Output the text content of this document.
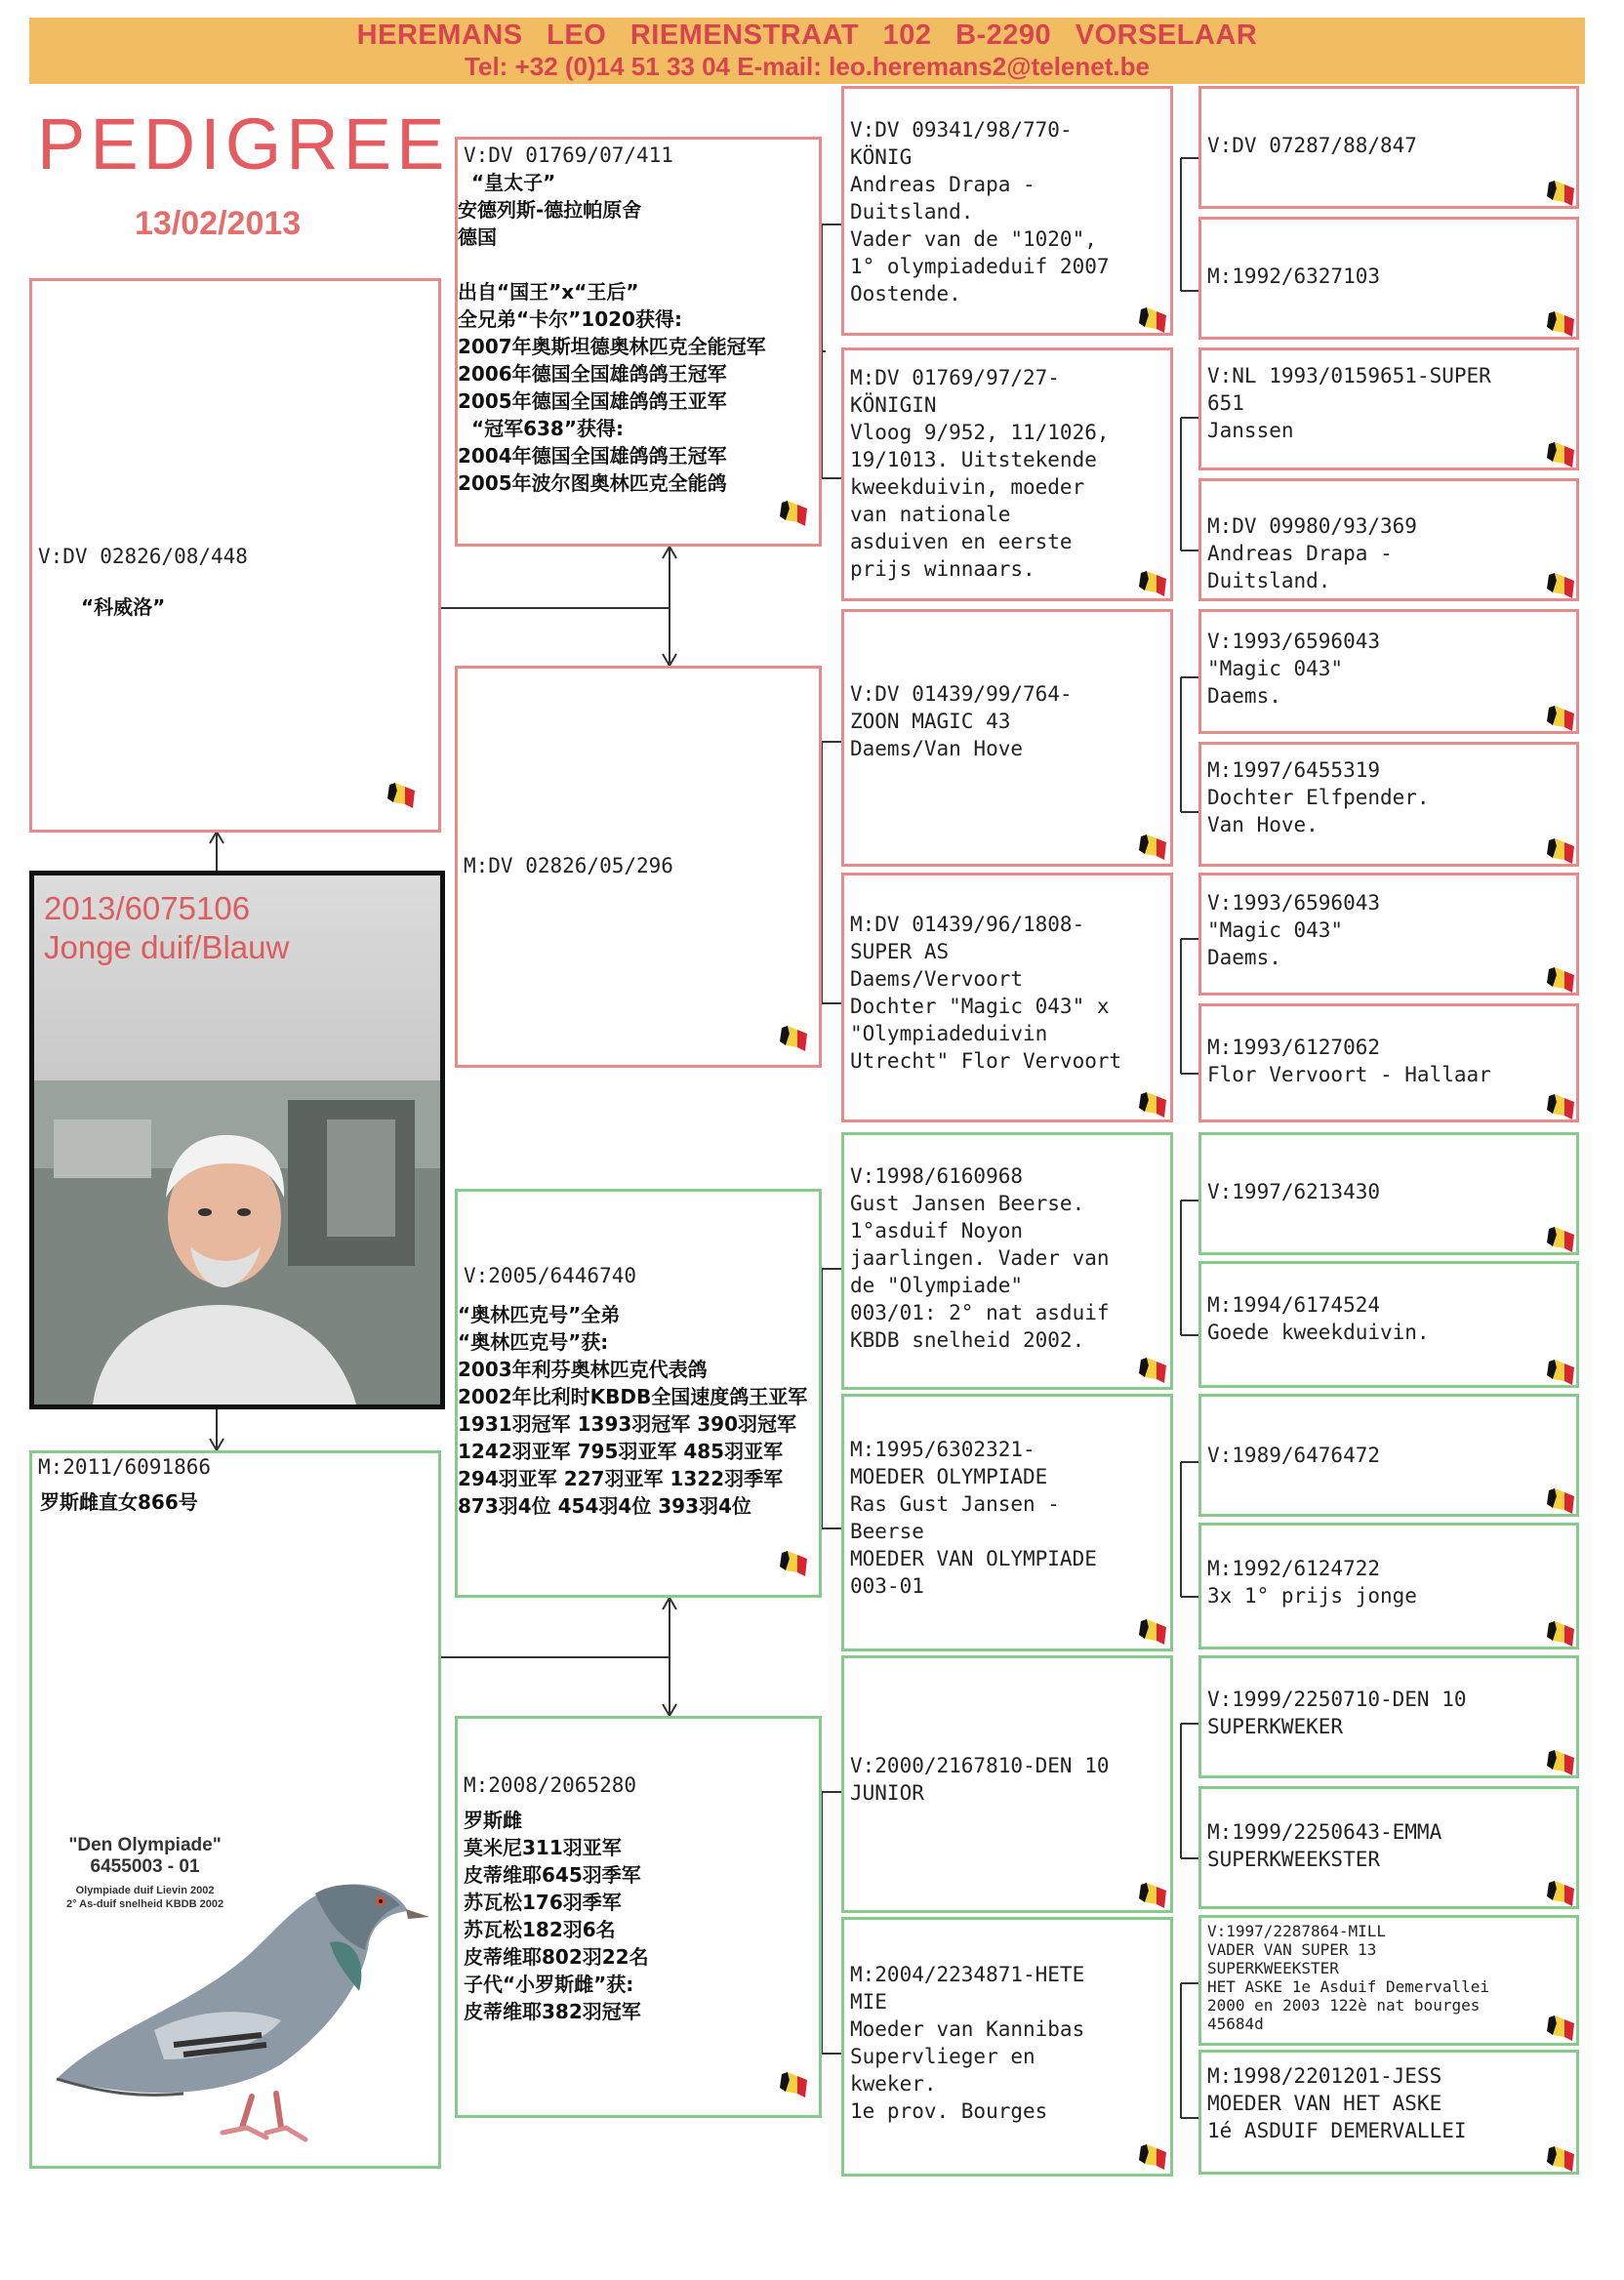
HEREMANS LEO RIEMENSTRAAT 102 B-2290 VORSELAAR
Tel: +32 (0)14 51 33 04 E-mail: leo.heremans2@telenet.be
PEDIGREE
13/02/2013
V:DV 02826/08/448
“科威洛”
M:2011/6091866
罗斯雌直女866号
"Den Olympiade"
6455003 - 01
Olympiade duif Lievin 2002
2° As-duif snelheid KBDB 2002
2013/6075106
Jonge duif/Blauw
V:DV 01769/07/411
“皇太子”
安德列斯-德拉帕原舍
德国

出自“国王”x“王后”
全兄弟“卡尔”1020获得:
2007年奥斯坦德奥林匹克全能冠军
2006年德国全国雄鸽鸽王冠军
2005年德国全国雄鸽鸽王亚军
“冠军638”获得:
2004年德国全国雄鸽鸽王冠军
2005年波尔图奥林匹克全能鸽
M:DV 02826/05/296
V:2005/6446740
“奥林匹克号”全弟
“奥林匹克号”获:
2003年利芬奥林匹克代表鸽
2002年比利时KBDB全国速度鸽王亚军
1931羽冠军 1393羽冠军 390羽冠军
1242羽亚军 795羽亚军 485羽亚军
294羽亚军 227羽亚军 1322羽季军
873羽4位 454羽4位 393羽4位
M:2008/2065280
罗斯雌
莫米尼311羽亚军
皮蒂维耶645羽季军
苏瓦松176羽季军
苏瓦松182羽6名
皮蒂维耶802羽22名
子代“小罗斯雌”获:
皮蒂维耶382羽冠军
V:DV 09341/98/770-
KÖNIG
Andreas Drapa -
Duitsland.
Vader van de "1020",
1° olympiadeduif 2007
Oostende.
M:DV 01769/97/27-
KÖNIGIN
Vloog 9/952, 11/1026,
19/1013. Uitstekende
kweekduivin, moeder
van nationale
asduiven en eerste
prijs winnaars.
V:DV 01439/99/764-
ZOON MAGIC 43
Daems/Van Hove
M:DV 01439/96/1808-
SUPER AS
Daems/Vervoort
Dochter "Magic 043" x
"Olympiadeduivin
Utrecht" Flor Vervoort
V:1998/6160968
Gust Jansen Beerse.
1°asduif Noyon
jaarlingen. Vader van
de "Olympiade"
003/01: 2° nat asduif
KBDB snelheid 2002.
M:1995/6302321-
MOEDER OLYMPIADE
Ras Gust Jansen -
Beerse
MOEDER VAN OLYMPIADE
003-01
V:2000/2167810-DEN 10
JUNIOR
M:2004/2234871-HETE
MIE
Moeder van Kannibas
Supervlieger en
kweker.
1e prov. Bourges
V:DV 07287/88/847
M:1992/6327103
V:NL 1993/0159651-SUPER
651
Janssen
M:DV 09980/93/369
Andreas Drapa -
Duitsland.
V:1993/6596043
"Magic 043"
Daems.
M:1997/6455319
Dochter Elfpender.
Van Hove.
V:1993/6596043
"Magic 043"
Daems.
M:1993/6127062
Flor Vervoort - Hallaar
V:1997/6213430
M:1994/6174524
Goede kweekduivin.
V:1989/6476472
M:1992/6124722
3x 1° prijs jonge
V:1999/2250710-DEN 10
SUPERKWEKER
M:1999/2250643-EMMA
SUPERKWEEKSTER
V:1997/2287864-MILL
VADER VAN SUPER 13
SUPERKWEEKSTER
HET ASKE 1e Asduif Demervallei
2000 en 2003 122è nat bourges
45684d
M:1998/2201201-JESS
MOEDER VAN HET ASKE
1é ASDUIF DEMERVALLEI
